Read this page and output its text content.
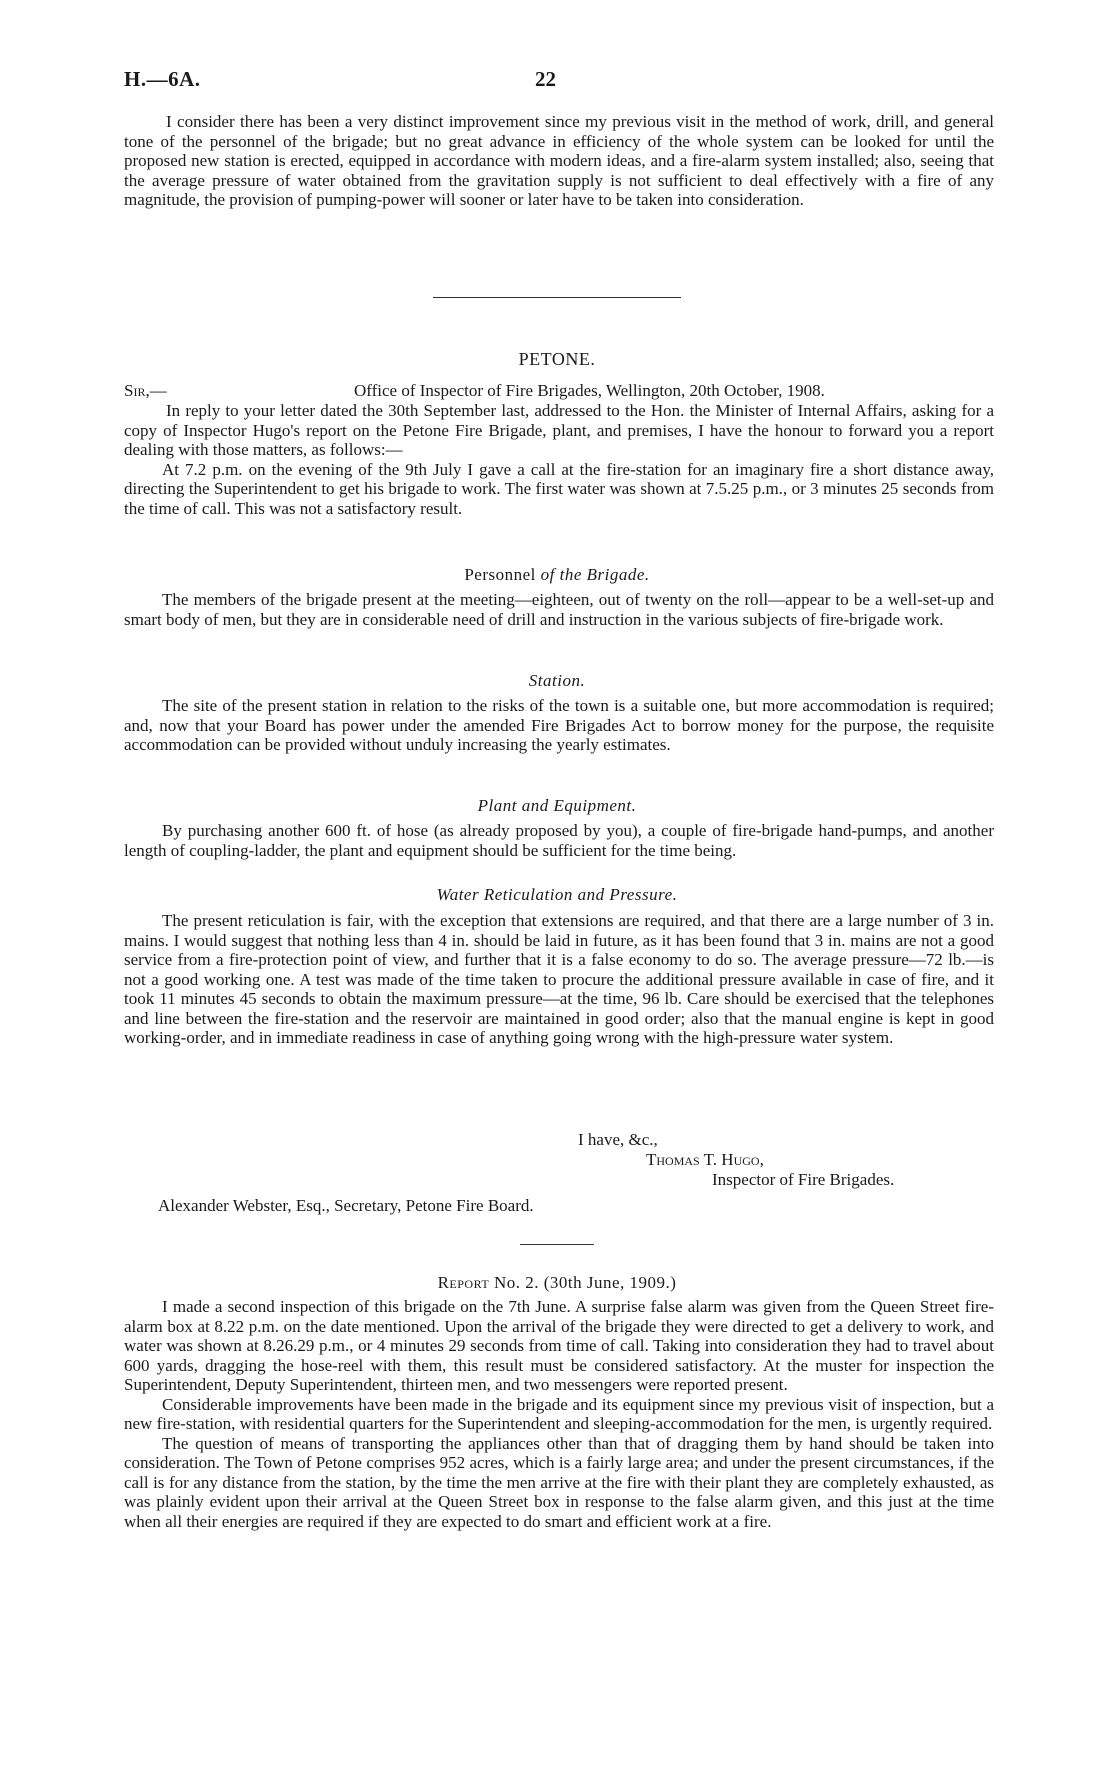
H.—6A.	22

I consider there has been a very distinct improvement since my previous visit in the method of work, drill, and general tone of the personnel of the brigade; but no great advance in efficiency of the whole system can be looked for until the proposed new station is erected, equipped in accordance with modern ideas, and a fire-alarm system installed; also, seeing that the average pressure of water obtained from the gravitation supply is not sufficient to deal effectively with a fire of any magnitude, the provision of pumping-power will sooner or later have to be taken into consideration.

PETONE.
Sir,—	Office of Inspector of Fire Brigades, Wellington, 20th October, 1908.

In reply to your letter dated the 30th September last, addressed to the Hon. the Minister of Internal Affairs, asking for a copy of Inspector Hugo's report on the Petone Fire Brigade, plant, and premises, I have the honour to forward you a report dealing with those matters, as follows:—

At 7.2 p.m. on the evening of the 9th July I gave a call at the fire-station for an imaginary fire a short distance away, directing the Superintendent to get his brigade to work. The first water was shown at 7.5.25 p.m., or 3 minutes 25 seconds from the time of call. This was not a satisfactory result.

Personnel of the Brigade.

The members of the brigade present at the meeting—eighteen, out of twenty on the roll—appear to be a well-set-up and smart body of men, but they are in considerable need of drill and instruction in the various subjects of fire-brigade work.

Station.

The site of the present station in relation to the risks of the town is a suitable one, but more accommodation is required; and, now that your Board has power under the amended Fire Brigades Act to borrow money for the purpose, the requisite accommodation can be provided without unduly increasing the yearly estimates.

Plant and Equipment.

By purchasing another 600 ft. of hose (as already proposed by you), a couple of fire-brigade hand-pumps, and another length of coupling-ladder, the plant and equipment should be sufficient for the time being.

Water Reticulation and Pressure.

The present reticulation is fair, with the exception that extensions are required, and that there are a large number of 3 in. mains. I would suggest that nothing less than 4 in. should be laid in future, as it has been found that 3 in. mains are not a good service from a fire-protection point of view, and further that it is a false economy to do so. The average pressure—72 lb.—is not a good working one. A test was made of the time taken to procure the additional pressure available in case of fire, and it took 11 minutes 45 seconds to obtain the maximum pressure—at the time, 96 lb. Care should be exercised that the telephones and line between the fire-station and the reservoir are maintained in good order; also that the manual engine is kept in good working-order, and in immediate readiness in case of anything going wrong with the high-pressure water system.

I have, &c.,
Thomas T. Hugo,
Inspector of Fire Brigades.
Alexander Webster, Esq., Secretary, Petone Fire Board.
Report No. 2. (30th June, 1909.)

I made a second inspection of this brigade on the 7th June. A surprise false alarm was given from the Queen Street fire-alarm box at 8.22 p.m. on the date mentioned. Upon the arrival of the brigade they were directed to get a delivery to work, and water was shown at 8.26.29 p.m., or 4 minutes 29 seconds from time of call. Taking into consideration they had to travel about 600 yards, dragging the hose-reel with them, this result must be considered satisfactory. At the muster for inspection the Superintendent, Deputy Superintendent, thirteen men, and two messengers were reported present.

Considerable improvements have been made in the brigade and its equipment since my previous visit of inspection, but a new fire-station, with residential quarters for the Superintendent and sleeping-accommodation for the men, is urgently required.

The question of means of transporting the appliances other than that of dragging them by hand should be taken into consideration. The Town of Petone comprises 952 acres, which is a fairly large area; and under the present circumstances, if the call is for any distance from the station, by the time the men arrive at the fire with their plant they are completely exhausted, as was plainly evident upon their arrival at the Queen Street box in response to the false alarm given, and this just at the time when all their energies are required if they are expected to do smart and efficient work at a fire.
